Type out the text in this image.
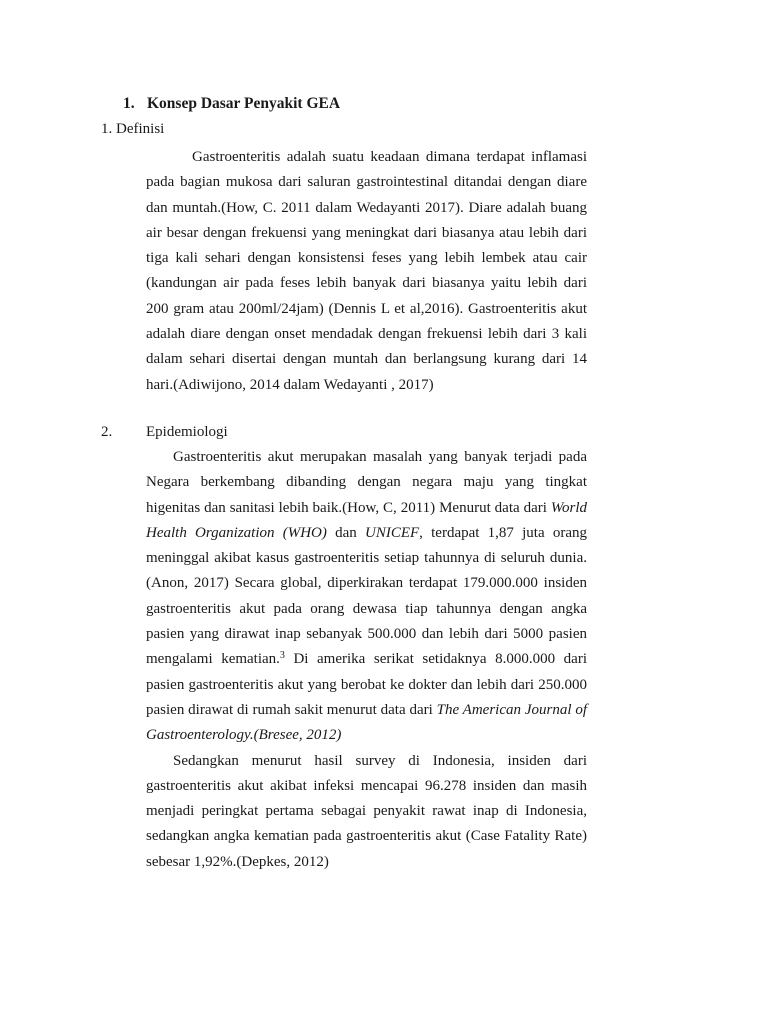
1. Konsep Dasar Penyakit GEA
1. Definisi

Gastroenteritis adalah suatu keadaan dimana terdapat inflamasi pada bagian mukosa dari saluran gastrointestinal ditandai dengan diare dan muntah.(How, C. 2011 dalam Wedayanti 2017). Diare adalah buang air besar dengan frekuensi yang meningkat dari biasanya atau lebih dari tiga kali sehari dengan konsistensi feses yang lebih lembek atau cair (kandungan air pada feses lebih banyak dari biasanya yaitu lebih dari 200 gram atau 200ml/24jam) (Dennis L et al,2016). Gastroenteritis akut adalah diare dengan onset mendadak dengan frekuensi lebih dari 3 kali dalam sehari disertai dengan muntah dan berlangsung kurang dari 14 hari.(Adiwijono, 2014 dalam Wedayanti , 2017)

2. Epidemiologi

Gastroenteritis akut merupakan masalah yang banyak terjadi pada Negara berkembang dibanding dengan negara maju yang tingkat higenitas dan sanitasi lebih baik.(How, C, 2011) Menurut data dari World Health Organization (WHO) dan UNICEF, terdapat 1,87 juta orang meninggal akibat kasus gastroenteritis setiap tahunnya di seluruh dunia.(Anon, 2017) Secara global, diperkirakan terdapat 179.000.000 insiden gastroenteritis akut pada orang dewasa tiap tahunnya dengan angka pasien yang dirawat inap sebanyak 500.000 dan lebih dari 5000 pasien mengalami kematian.$^3$ Di amerika serikat setidaknya 8.000.000 dari pasien gastroenteritis akut yang berobat ke dokter dan lebih dari 250.000 pasien dirawat di rumah sakit menurut data dari The American Journal of Gastroenterology.(Bresee, 2012)

Sedangkan menurut hasil survey di Indonesia, insiden dari gastroenteritis akut akibat infeksi mencapai 96.278 insiden dan masih menjadi peringkat pertama sebagai penyakit rawat inap di Indonesia, sedangkan angka kematian pada gastroenteritis akut (Case Fatality Rate) sebesar 1,92%.(Depkes, 2012)
